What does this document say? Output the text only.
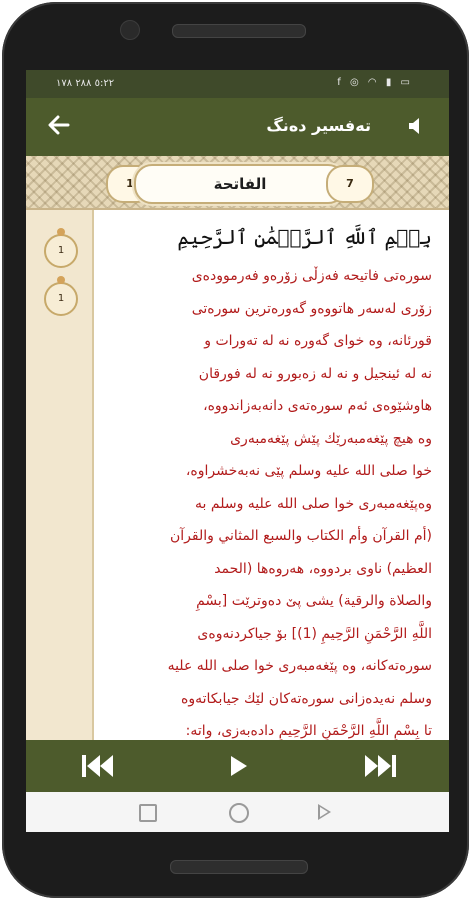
٥:٢٢ ٢٨٨ ١٧٨	f ◎ ◠ ▮ ▭
تەفسیر دەنگ
1	الفاتحة	7
1
1
بِسۡمِ ٱللَّهِ ٱلرَّحۡمَٰنِ ٱلرَّحِيمِ
سورەتی فاتیحە فەزڵی زۆرەو فەرموودەی
زۆری لەسەر هاتووەو گەورەترین سورەتی
قورئانە، وە خوای گەورە نە لە تەورات و
نە لە ئینجیل و نە لە زەبورو نە لە فورقان
هاوشێوەی ئەم سورەتەی دانەبەزاندووە،
وە هیچ پێغەمبەرێك پێش پێغەمبەری
خوا صلی الله علیه وسلم پێی نەبەخشراوە،
وەپێغەمبەری خوا صلی الله علیه وسلم بە
(أم القرآن وأم الكتاب والسبع المثاني والقرآن
العظيم) ناوی بردووە، هەروەها (الحمد
والصلاة والرقية) يشی پێ دەوترێت [بسْمِ
اللَّهِ الرَّحْمَنِ الرَّحِيمِ (1)] بۆ جیاكردنەوەی
سورەتەكانە، وە پێغەمبەری خوا صلی الله علیه
وسلم نەیدەزانی سورەتەكان لێك جیابكاتەوە
تا بِسْمِ اللَّهِ الرَّحْمَنِ الرَّحِيمِ دادەبەزی، واتە:
